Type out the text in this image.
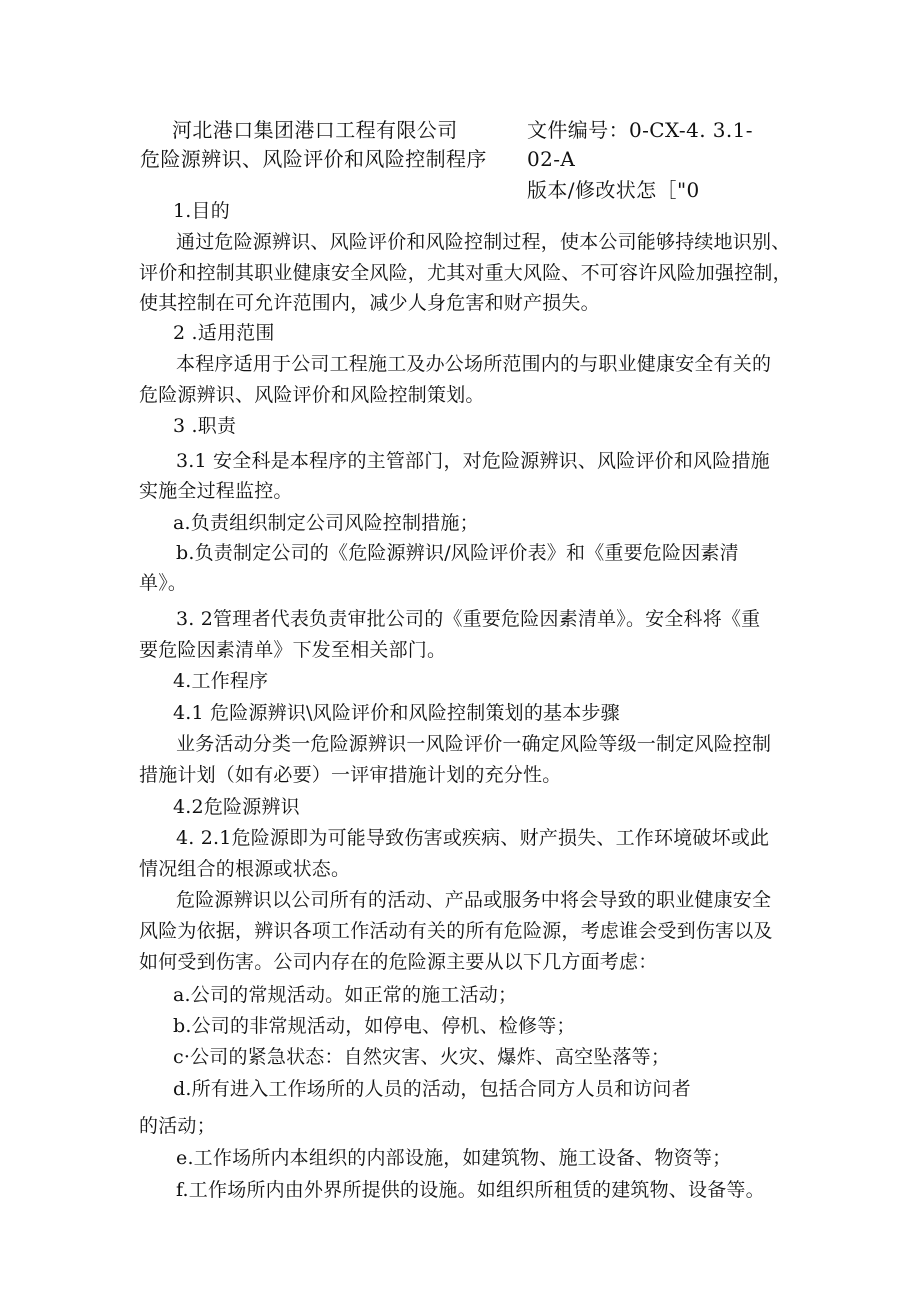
河北港口集团港口工程有限公司
危险源辨识、风险评价和风险控制程序
文件编号：0-CX-4. 3.1-
02-A
版本/修改状怎［"0
1.目的
通过危险源辨识、风险评价和风险控制过程，使本公司能够持续地识别、
评价和控制其职业健康安全风险，尤其对重大风险、不可容许风险加强控制，
使其控制在可允许范围内，减少人身危害和财产损失。
2 .适用范围
本程序适用于公司工程施工及办公场所范围内的与职业健康安全有关的
危险源辨识、风险评价和风险控制策划。
3 .职责
3.1 安全科是本程序的主管部门，对危险源辨识、风险评价和风险措施
实施全过程监控。
a.负责组织制定公司风险控制措施；
b.负责制定公司的《危险源辨识/风险评价表》和《重要危险因素清
单》。
3. 2管理者代表负责审批公司的《重要危险因素清单》。安全科将《重
要危险因素清单》下发至相关部门。
4.工作程序
4.1 危险源辨识\风险评价和风险控制策划的基本步骤
业务活动分类一危险源辨识一风险评价一确定风险等级一制定风险控制
措施计划（如有必要）一评审措施计划的充分性。
4.2危险源辨识
4. 2.1危险源即为可能导致伤害或疾病、财产损失、工作环境破坏或此
情况组合的根源或状态。
危险源辨识以公司所有的活动、产品或服务中将会导致的职业健康安全
风险为依据，辨识各项工作活动有关的所有危险源，考虑谁会受到伤害以及
如何受到伤害。公司内存在的危险源主要从以下几方面考虑：
a.公司的常规活动。如正常的施工活动；
b.公司的非常规活动，如停电、停机、检修等；
c·公司的紧急状态：自然灾害、火灾、爆炸、高空坠落等；
d.所有进入工作场所的人员的活动，包括合同方人员和访问者
的活动；
e.工作场所内本组织的内部设施，如建筑物、施工设备、物资等；
f.工作场所内由外界所提供的设施。如组织所租赁的建筑物、设备等。
